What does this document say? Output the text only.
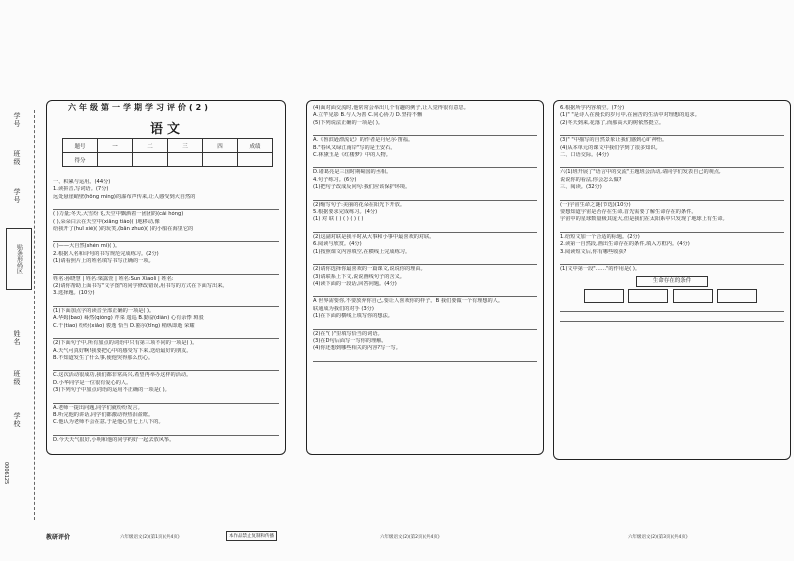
学号
班级
学号
贴条形码区
姓名
班级
学校
0006125

一、积累与运用。(44分)

1.读拼音,写词语。(7分)

远处悬崖峭壁(hōng míng)的瀑布声传来,让人感受到大自然的

( )力量;冬天,大雪纷飞,天空中飘洒着一团团的(cài hóng)

( ),朵朵白云在天空中(xiāng tiáo)( )地移动,像

给我开了(huī xié)( )的玩笑,(bān zhuó)( )的小船在海里它的

( )——大自然(shén mì)( )。

2.根据人名和诗句的书写规范完成练习。(2分)

(1)请看照片上的姓名填写书写正确的一项。

姓名:孙晓慧 | 姓名:梁露萱 | 姓名:Sun Xiaoli | 姓名:

(2)请你帮助上面书写"文字图"的同学修改错误,用书写的方式在下面写出来。

3.选择题。(10分)

(1)下面加点字的读音全部正确的一项是( )。

A.华姆(bao) 蓦然(qióng) 芹菜 逡巡 B.勤奋(diàn) 心有余悸 斑驳

C.干(tiao) 纷纷(xiǎo) 骏逸 恰当 D.豁尔(tǐng) 稍纵即逝 荣耀

(2)下面句子中,所有加点的词语中只有第三项不同的一项是( )。

A.天气可真好啊!我要把心中的感受写下来,送给最好的朋友。

B.不知道发生了什么事,使他哭得那么伤心。

C.这次活动很成功,我们都非常高兴,希望再举办这样的活动。

D.小华同学是一位很有爱心的人。

(3)下列句子中加点词语的运用不正确的一项是( )。

A.老师一提出问题,同学们就纷纷发言。

B.听完他的讲话,同学们都激动得热泪盈眶。

C.他认为老师不会在意,于是他心里七上八下的。

D.今天天气很好,小明和他的同学约好一起去放风筝。

六年级第一学期学习评价(2)
语文
题号	一	二	三	四	成绩
得分					

(4)面对面交流时,他常常会举出几个有趣的例子,让人觉得很有意思。

A.立竿见影 B.与人为善 C.同心协力 D.坚持不懈

(5)下列说法正确的一项是( )。

A.《鲁滨逊漂流记》的作者是丹尼尔·笛福。

B."春风又绿江南岸"写的是王安石。

C.林黛玉是《红楼梦》中的人物。

D.诸葛亮是三国时期蜀国的丞相。

4.句子练习。(6分)

(1)把句子改成反问句:我们应该保护环境。

(2)缩写句子:美丽的花朵在阳光下开放。

5.根据要求完成练习。(4分)

(1) 对 联 ( ) ( ) ( ) ( )

(2)这副对联是我平时从大事和小事中最喜欢的对联。

6.阅读与欣赏。(4分)

(1)按照课文内容填空,在横线上完成练习。

(2)请你选择你最喜欢的一篇课文,说说你的理由。

(3)请联系上下文,说说画线句子的含义。

(4)读下面的一段话,回答问题。(4分)

A 世界需要你,不要放弃你自己,要让人喜欢你的样子。B 我们要做一个有理想的人。

联通成为我们的对手 (3分)

(1)在下面的横线上填写你的想法。

(2)在"( )"里填写恰当的词语。

(3)在D句后面写一写你的理解。

(4)你还想到哪些相关的内容?写一写。

6.根据所学内容填空。(7分)

(1)" "是诗人在漫长的岁月中,在困苦的生活中对理想的追求。

(2)冬天到来,花落了,而那高大的树依然挺立。

(3)" "中描写的自然景象让我们感到心旷神怡。

(4)从本单元的课文中我们学到了很多知识。

二、口语交际。(4分)

六(1)班开展了"语言中的交流"主题班会活动,请同学们发表自己的观点,

说说你的看法,你会怎么做?

三、阅读。(32分)

(一)宇宙生命之谜(节选)(10分)

要想知道宇宙是否存在生命,首先需要了解生命存在的条件。

宇宙中的星球数量极其庞大,但是我们在太阳系中只发现了地球上有生命。

1.给短文加一个合适的标题。(2分)

2.读第一自然段,画出生命存在的条件,填入方框内。(4分)

3.阅读短文后,你有哪些收获?

(1)文中第一段"……"的作用是( )。

生命存在的条件

教研评价	六年级语文(2)(第1页)(共4页)	本作品禁止复制和传播	六年级语文(2)(第2页)(共4页)	六年级语文(2)(第3页)(共4页)
